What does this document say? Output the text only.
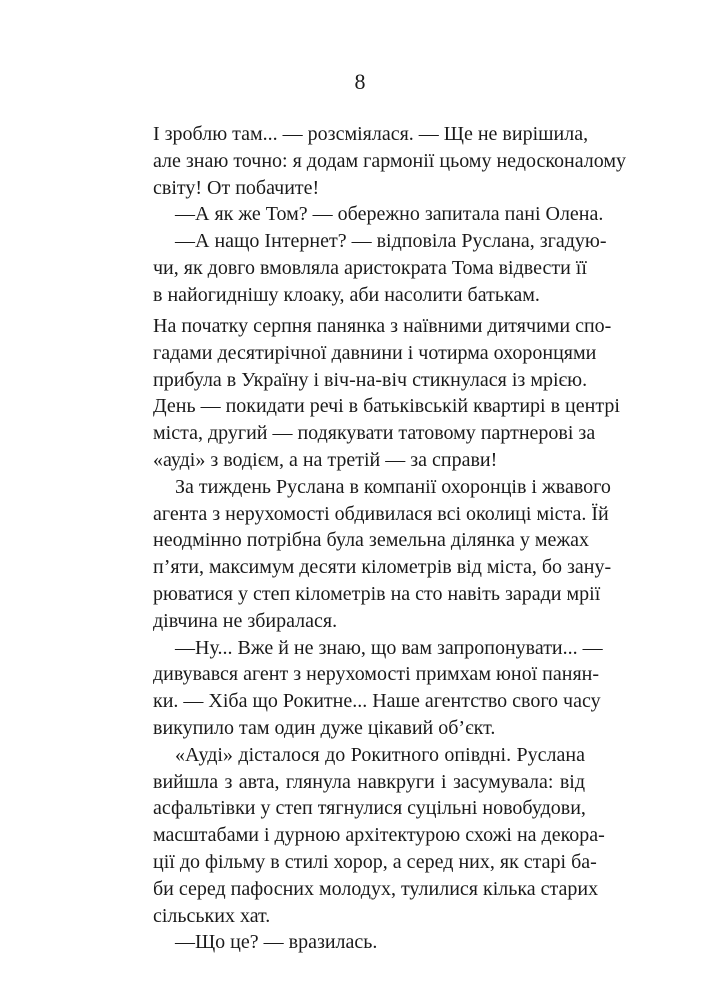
8
І зроблю там... — розсміялася. — Ще не вирішила,
але знаю точно: я додам гармонії цьому недосконалому
світу! От побачите!
—А як же Том? — обережно запитала пані Олена.
—А нащо Інтернет? — відповіла Руслана, згадую-
чи, як довго вмовляла аристократа Тома відвести її
в найогиднішу клоаку, аби насолити батькам.
На початку серпня панянка з наївними дитячими спо-
гадами десятирічної давнини і чотирма охоронцями
прибула в Україну і віч-на-віч стикнулася із мрією.
День — покидати речі в батьківській квартирі в центрі
міста, другий — подякувати татовому партнерові за
«ауді» з водієм, а на третій — за справи!
За тиждень Руслана в компанії охоронців і жвавого
агента з нерухомості обдивилася всі околиці міста. Їй
неодмінно потрібна була земельна ділянка у межах
п’яти, максимум десяти кілометрів від міста, бо зану-
рюватися у степ кілометрів на сто навіть заради мрії
дівчина не збиралася.
—Ну... Вже й не знаю, що вам запропонувати... —
дивувався агент з нерухомості примхам юної панян-
ки. — Хіба що Рокитне... Наше агентство свого часу
викупило там один дуже цікавий об’єкт.
«Ауді» дісталося до Рокитного опівдні. Руслана
вийшла з авта, глянула навкруги і засумувала: від
асфальтівки у степ тягнулися суцільні новобудови,
масштабами і дурною архітектурою схожі на декора-
ції до фільму в стилі хорор, а серед них, як старі ба-
би серед пафосних молодух, тулилися кілька старих
сільських хат.
—Що це? — вразилась.
